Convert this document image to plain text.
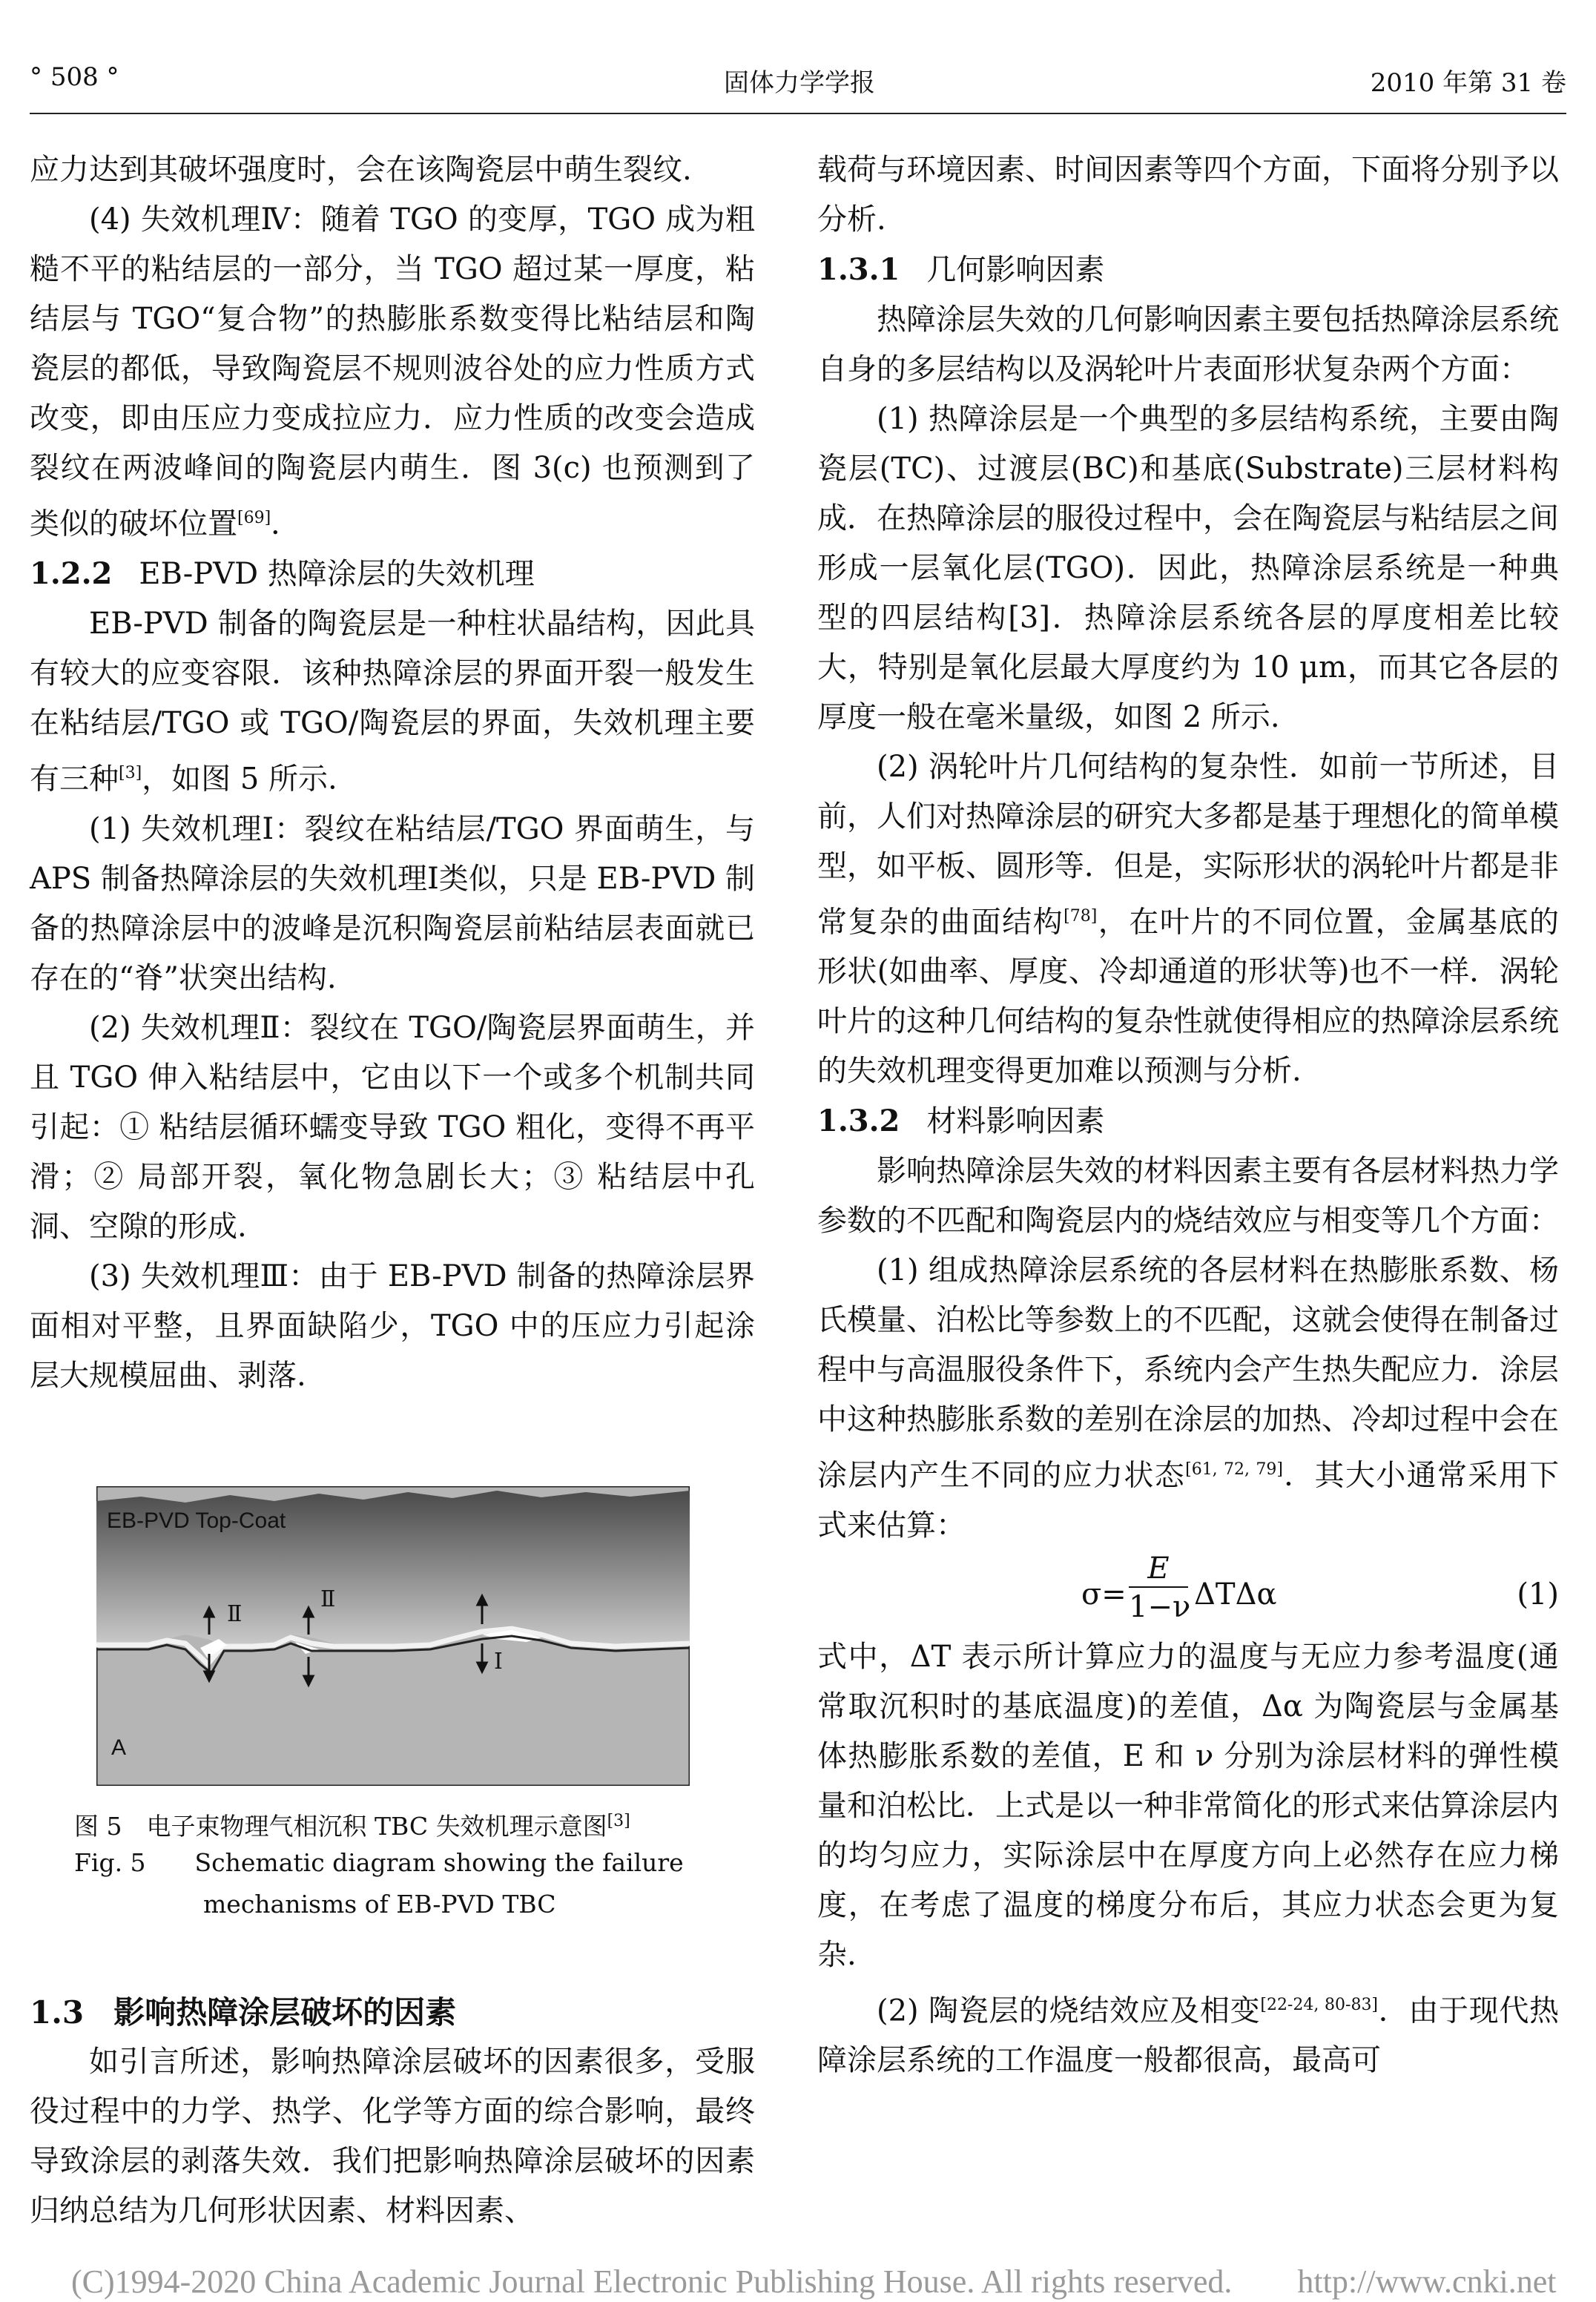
° 508 °	固体力学学报	2010 年第 31 卷

应力达到其破坏强度时，会在该陶瓷层中萌生裂纹.

(4) 失效机理Ⅳ：随着 TGO 的变厚，TGO 成为粗糙不平的粘结层的一部分，当 TGO 超过某一厚度，粘结层与 TGO“复合物”的热膨胀系数变得比粘结层和陶瓷层的都低，导致陶瓷层不规则波谷处的应力性质方式改变，即由压应力变成拉应力．应力性质的改变会造成裂纹在两波峰间的陶瓷层内萌生．图 3(c) 也预测到了类似的破坏位置[69]．

1.2.2 EB-PVD 热障涂层的失效机理

EB-PVD 制备的陶瓷层是一种柱状晶结构，因此具有较大的应变容限．该种热障涂层的界面开裂一般发生在粘结层/TGO 或 TGO/陶瓷层的界面，失效机理主要有三种[3]，如图 5 所示.

(1) 失效机理Ⅰ：裂纹在粘结层/TGO 界面萌生，与 APS 制备热障涂层的失效机理Ⅰ类似，只是 EB-PVD 制备的热障涂层中的波峰是沉积陶瓷层前粘结层表面就已存在的“脊”状突出结构.

(2) 失效机理Ⅱ：裂纹在 TGO/陶瓷层界面萌生，并且 TGO 伸入粘结层中，它由以下一个或多个机制共同引起：① 粘结层循环蠕变导致 TGO 粗化，变得不再平滑；② 局部开裂，氧化物急剧长大；③ 粘结层中孔洞、空隙的形成.

(3) 失效机理Ⅲ：由于 EB-PVD 制备的热障涂层界面相对平整，且界面缺陷少，TGO 中的压应力引起涂层大规模屈曲、剥落.

EB-PVD Top-Coat
A
Ⅱ
Ⅱ
Ⅰ
图 5　电子束物理气相沉积 TBC 失效机理示意图[3]
Fig. 5　　Schematic diagram showing the failure
mechanisms of EB-PVD TBC
1.3 影响热障涂层破坏的因素

如引言所述，影响热障涂层破坏的因素很多，受服役过程中的力学、热学、化学等方面的综合影响，最终导致涂层的剥落失效．我们把影响热障涂层破坏的因素归纳总结为几何形状因素、材料因素、

载荷与环境因素、时间因素等四个方面，下面将分别予以分析.

1.3.1 几何影响因素

热障涂层失效的几何影响因素主要包括热障涂层系统自身的多层结构以及涡轮叶片表面形状复杂两个方面：

(1) 热障涂层是一个典型的多层结构系统，主要由陶瓷层(TC)、过渡层(BC)和基底(Substrate)三层材料构成．在热障涂层的服役过程中，会在陶瓷层与粘结层之间形成一层氧化层(TGO)．因此，热障涂层系统是一种典型的四层结构[3]．热障涂层系统各层的厚度相差比较大，特别是氧化层最大厚度约为 10 μm，而其它各层的厚度一般在毫米量级，如图 2 所示.

(2) 涡轮叶片几何结构的复杂性．如前一节所述，目前，人们对热障涂层的研究大多都是基于理想化的简单模型，如平板、圆形等．但是，实际形状的涡轮叶片都是非常复杂的曲面结构[78]，在叶片的不同位置，金属基底的形状(如曲率、厚度、冷却通道的形状等)也不一样．涡轮叶片的这种几何结构的复杂性就使得相应的热障涂层系统的失效机理变得更加难以预测与分析.

1.3.2 材料影响因素

影响热障涂层失效的材料因素主要有各层材料热力学参数的不匹配和陶瓷层内的烧结效应与相变等几个方面：

(1) 组成热障涂层系统的各层材料在热膨胀系数、杨氏模量、泊松比等参数上的不匹配，这就会使得在制备过程中与高温服役条件下，系统内会产生热失配应力．涂层中这种热膨胀系数的差别在涂层的加热、冷却过程中会在涂层内产生不同的应力状态[61, 72, 79]．其大小通常采用下式来估算：

σ=
E
1−ν ΔTΔα	(1)

式中，ΔT 表示所计算应力的温度与无应力参考温度(通常取沉积时的基底温度)的差值，Δα 为陶瓷层与金属基体热膨胀系数的差值，E 和 ν 分别为涂层材料的弹性模量和泊松比．上式是以一种非常简化的形式来估算涂层内的均匀应力，实际涂层中在厚度方向上必然存在应力梯度，在考虑了温度的梯度分布后，其应力状态会更为复杂.

(2) 陶瓷层的烧结效应及相变[22-24, 80-83]．由于现代热障涂层系统的工作温度一般都很高，最高可

(C)1994-2020 China Academic Journal Electronic Publishing House. All rights reserved.　　http://www.cnki.net
